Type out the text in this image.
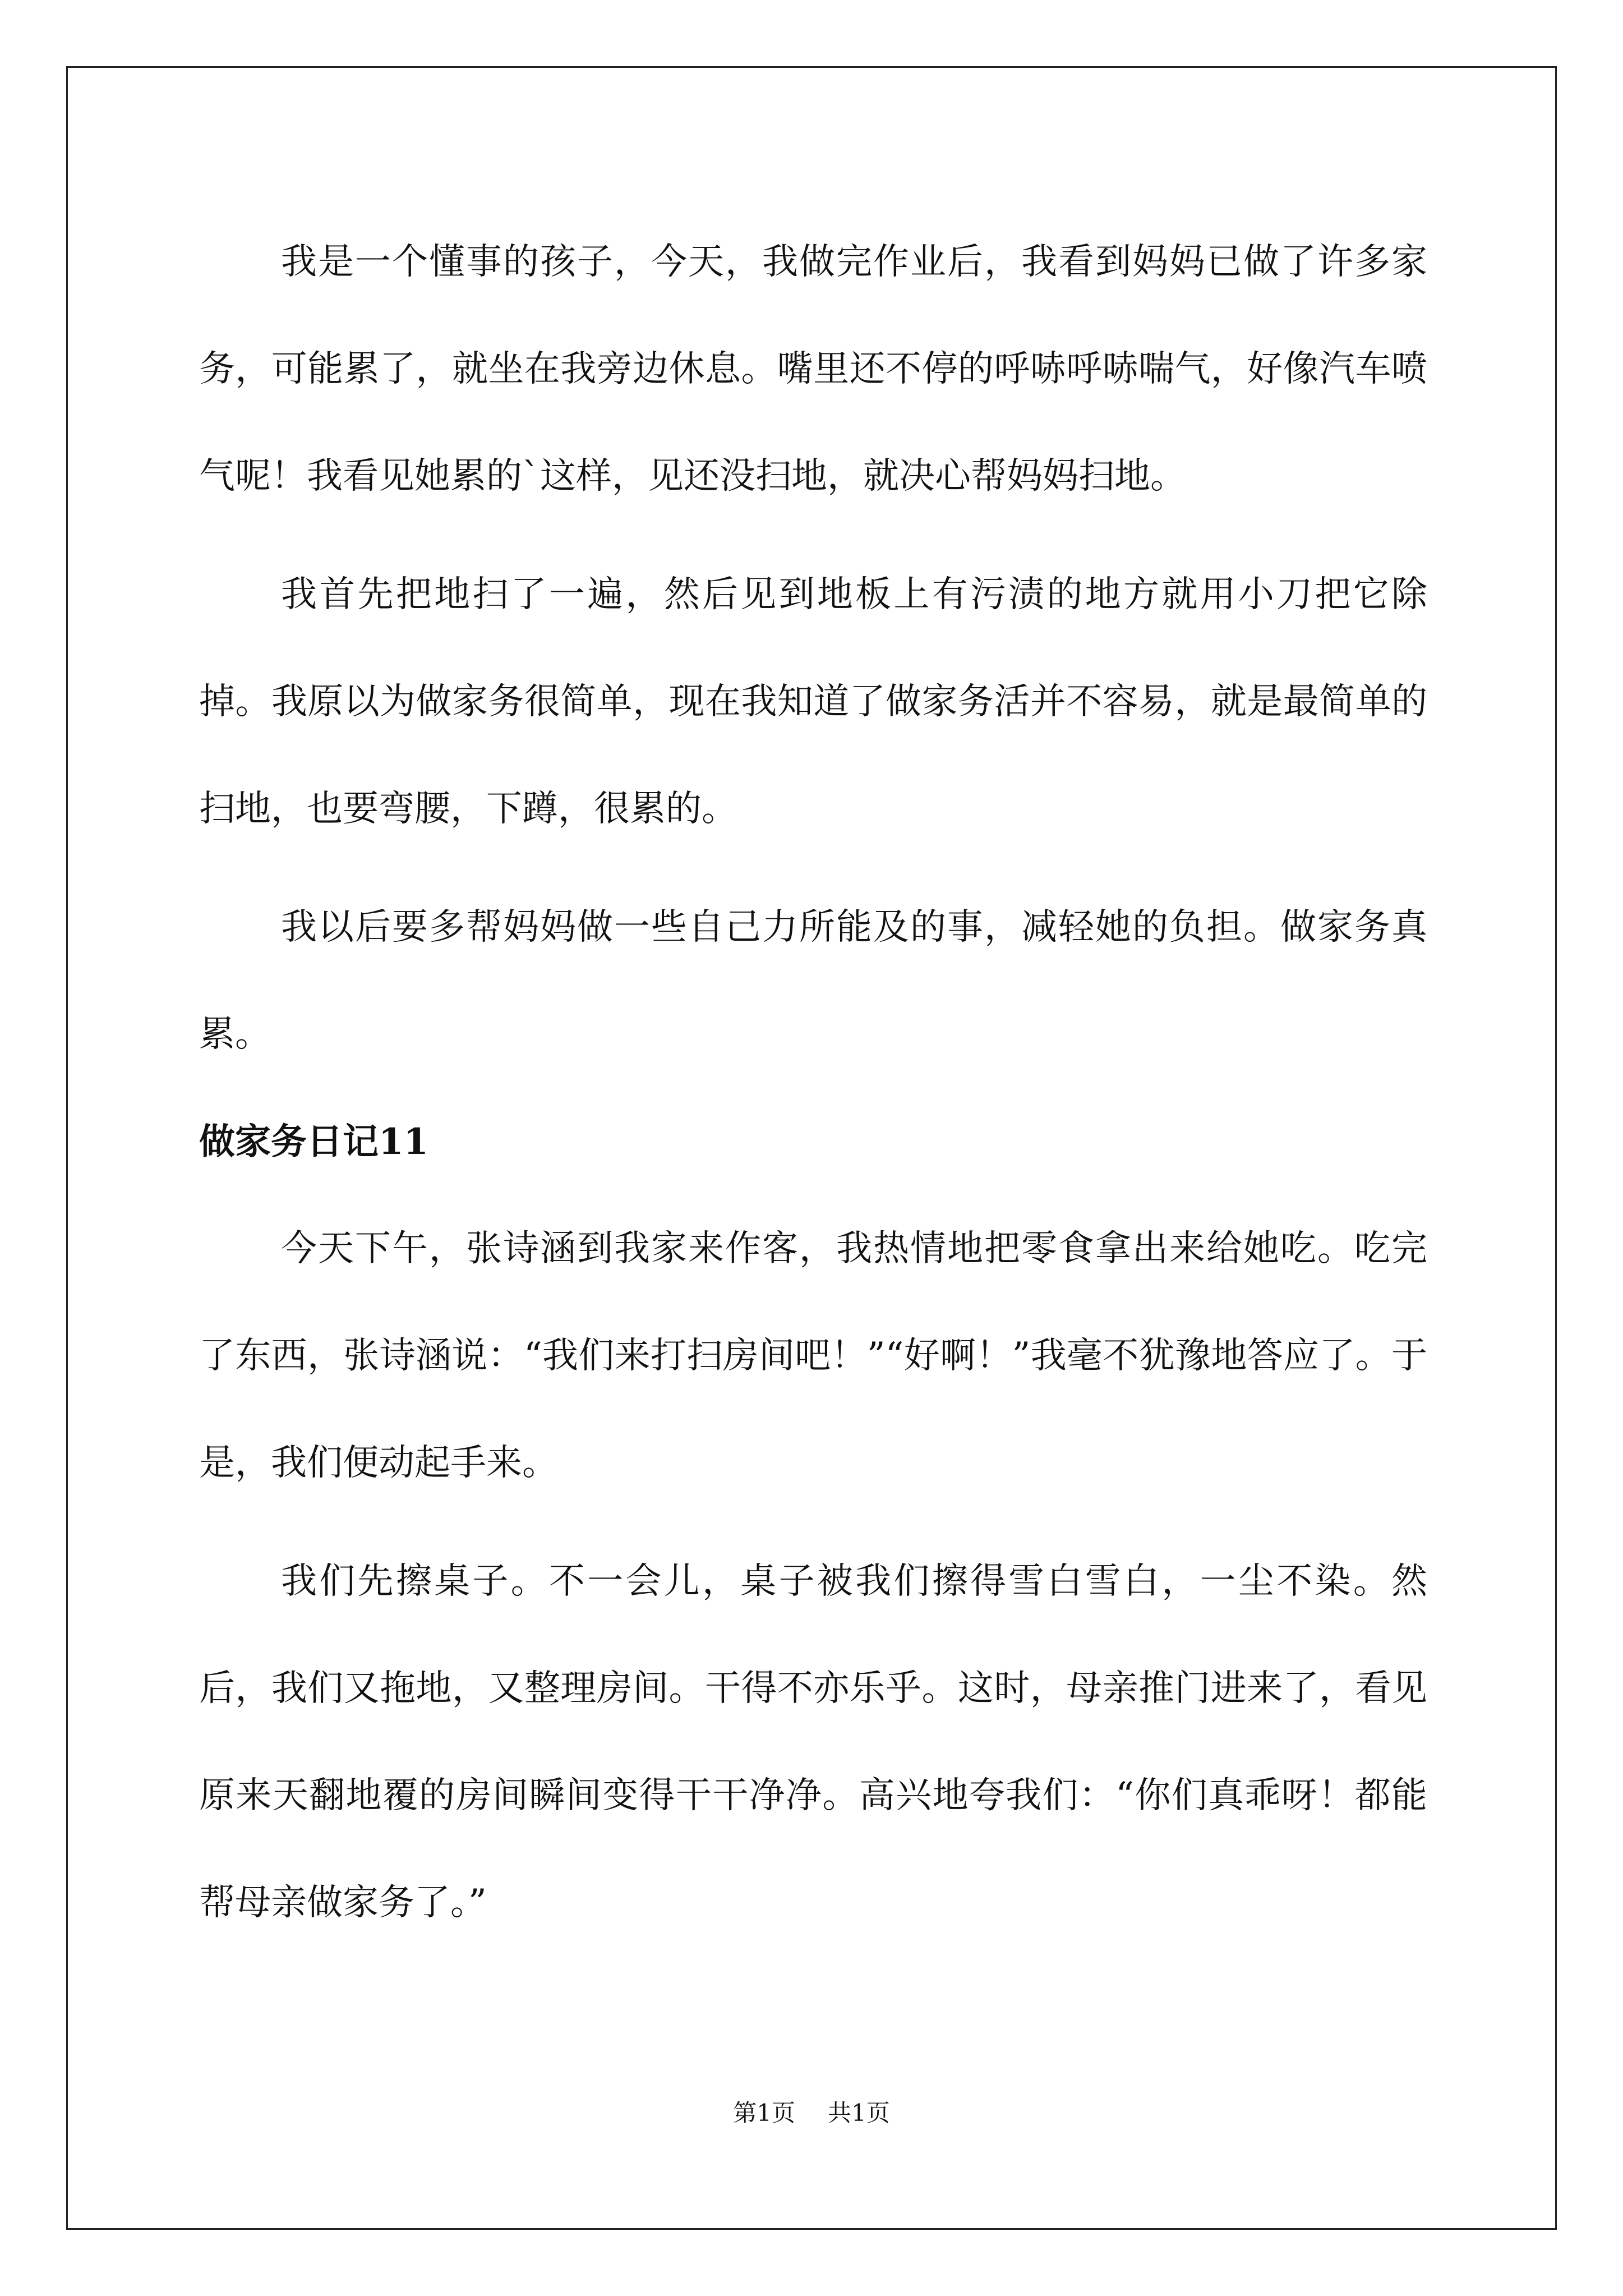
我是一个懂事的孩子，今天，我做完作业后，我看到妈妈已做了许多家务，可能累了，就坐在我旁边休息。嘴里还不停的呼哧呼哧喘气，好像汽车喷气呢！我看见她累的`这样，见还没扫地，就决心帮妈妈扫地。

我首先把地扫了一遍，然后见到地板上有污渍的地方就用小刀把它除掉。我原以为做家务很简单，现在我知道了做家务活并不容易，就是最简单的扫地，也要弯腰，下蹲，很累的。

我以后要多帮妈妈做一些自己力所能及的事，减轻她的负担。做家务真累。

做家务日记11

今天下午，张诗涵到我家来作客，我热情地把零食拿出来给她吃。吃完了东西，张诗涵说：“我们来打扫房间吧！”“好啊！”我毫不犹豫地答应了。于是，我们便动起手来。

我们先擦桌子。不一会儿，桌子被我们擦得雪白雪白，一尘不染。然后，我们又拖地，又整理房间。干得不亦乐乎。这时，母亲推门进来了，看见原来天翻地覆的房间瞬间变得干干净净。高兴地夸我们：“你们真乖呀！都能帮母亲做家务了。”

第1页 共1页
